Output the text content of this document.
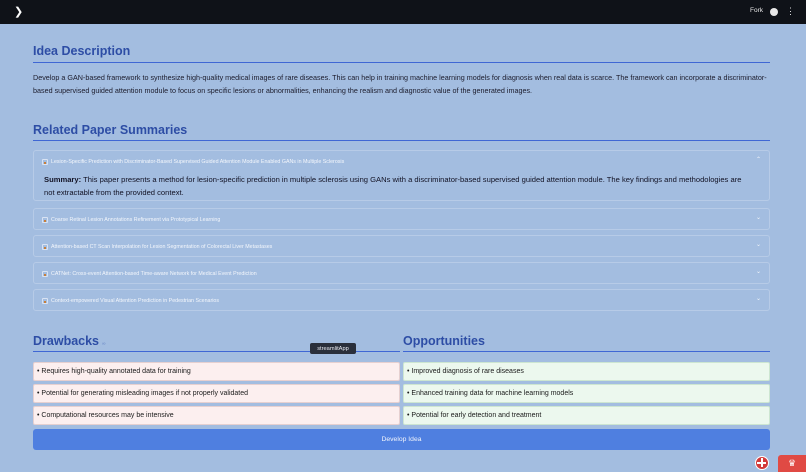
❯	Fork	⋮
Idea Description

Develop a GAN-based framework to synthesize high-quality medical images of rare diseases. This can help in training machine learning models for diagnosis when real data is scarce. The framework can incorporate a discriminator-based supervised guided attention module to focus on specific lesions or abnormalities, enhancing the realism and diagnostic value of the generated images.

Related Paper Summaries
Lesion-Specific Prediction with Discriminator-Based Supervised Guided Attention Module Enabled GANs in Multiple Sclerosis	⌃

Summary: This paper presents a method for lesion-specific prediction in multiple sclerosis using GANs with a discriminator-based supervised guided attention module. The key findings and methodologies are not extractable from the provided context.

Coarse Retinal Lesion Annotations Refinement via Prototypical Learning	⌄
Attention-based CT Scan Interpolation for Lesion Segmentation of Colorectal Liver Metastases	⌄
CATNet: Cross-event Attention-based Time-aware Network for Medical Event Prediction	⌄
Context-empowered Visual Attention Prediction in Pedestrian Scenarios	⌄
Drawbacks ∞	Opportunities
• Requires high-quality annotated data for training
• Potential for generating misleading images if not properly validated
• Computational resources may be intensive
• Improved diagnosis of rare diseases
• Enhanced training data for machine learning models
• Potential for early detection and treatment
streamlitApp
Develop Idea
♛
